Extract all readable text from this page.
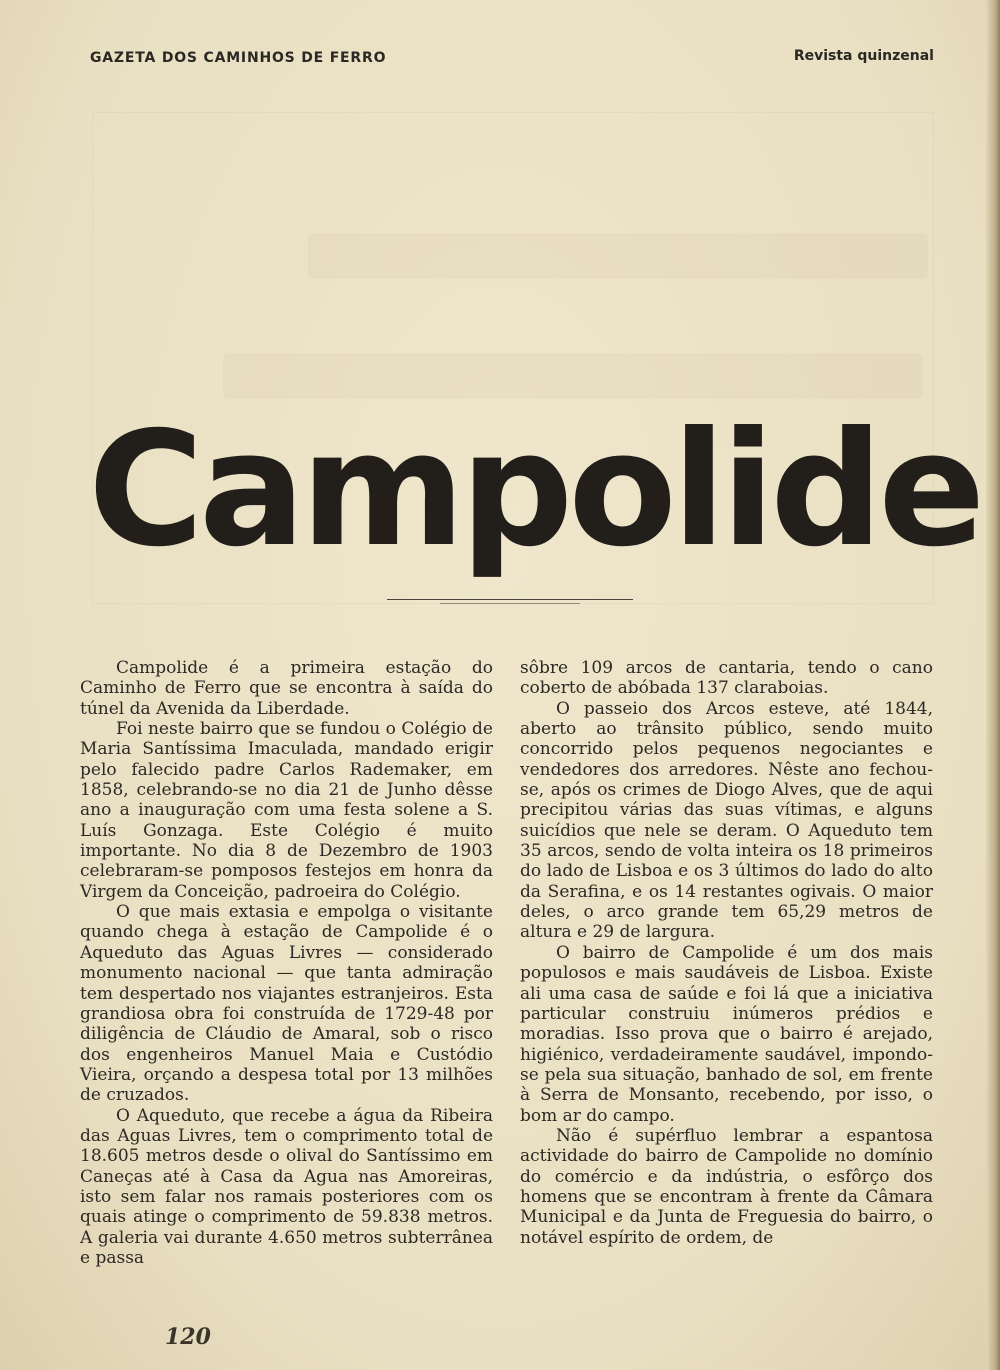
GAZETA DOS CAMINHOS DE FERRO	Revista quinzenal
Campolide

Campolide é a primeira estação do Caminho de Ferro que se encontra à saída do túnel da Avenida da Liberdade.

Foi neste bairro que se fundou o Colégio de Maria Santíssima Imaculada, mandado erigir pelo falecido padre Carlos Rademaker, em 1858, celebrando-se no dia 21 de Junho dêsse ano a inauguração com uma festa solene a S. Luís Gonzaga. Este Colégio é muito importante. No dia 8 de Dezembro de 1903 celebraram-se pomposos festejos em honra da Virgem da Conceição, padroeira do Colégio.

O que mais extasia e empolga o visitante quando chega à estação de Campolide é o Aqueduto das Aguas Livres — considerado monumento nacional — que tanta admiração tem despertado nos viajantes estranjeiros. Esta grandiosa obra foi construída de 1729-48 por diligência de Cláudio de Amaral, sob o risco dos engenheiros Manuel Maia e Custódio Vieira, orçando a despesa total por 13 milhões de cruzados.

O Aqueduto, que recebe a água da Ribeira das Aguas Livres, tem o comprimento total de 18.605 metros desde o olival do Santíssimo em Caneças até à Casa da Agua nas Amoreiras, isto sem falar nos ramais posteriores com os quais atinge o comprimento de 59.838 metros. A galeria vai durante 4.650 metros subterrânea e passa

sôbre 109 arcos de cantaria, tendo o cano coberto de abóbada 137 claraboias.

O passeio dos Arcos esteve, até 1844, aberto ao trânsito público, sendo muito concorrido pelos pequenos negociantes e vendedores dos arredores. Nêste ano fechou-se, após os crimes de Diogo Alves, que de aqui precipitou várias das suas vítimas, e alguns suicídios que nele se deram. O Aqueduto tem 35 arcos, sendo de volta inteira os 18 primeiros do lado de Lisboa e os 3 últimos do lado do alto da Serafina, e os 14 restantes ogivais. O maior deles, o arco grande tem 65,29 metros de altura e 29 de largura.

O bairro de Campolide é um dos mais populosos e mais saudáveis de Lisboa. Existe ali uma casa de saúde e foi lá que a iniciativa particular construiu inúmeros prédios e moradias. Isso prova que o bairro é arejado, higiénico, verdadeiramente saudável, impondo-se pela sua situação, banhado de sol, em frente à Serra de Monsanto, recebendo, por isso, o bom ar do campo.

Não é supérfluo lembrar a espantosa actividade do bairro de Campolide no domínio do comércio e da indústria, o esfôrço dos homens que se encontram à frente da Câmara Municipal e da Junta de Freguesia do bairro, o notável espírito de ordem, de

120
